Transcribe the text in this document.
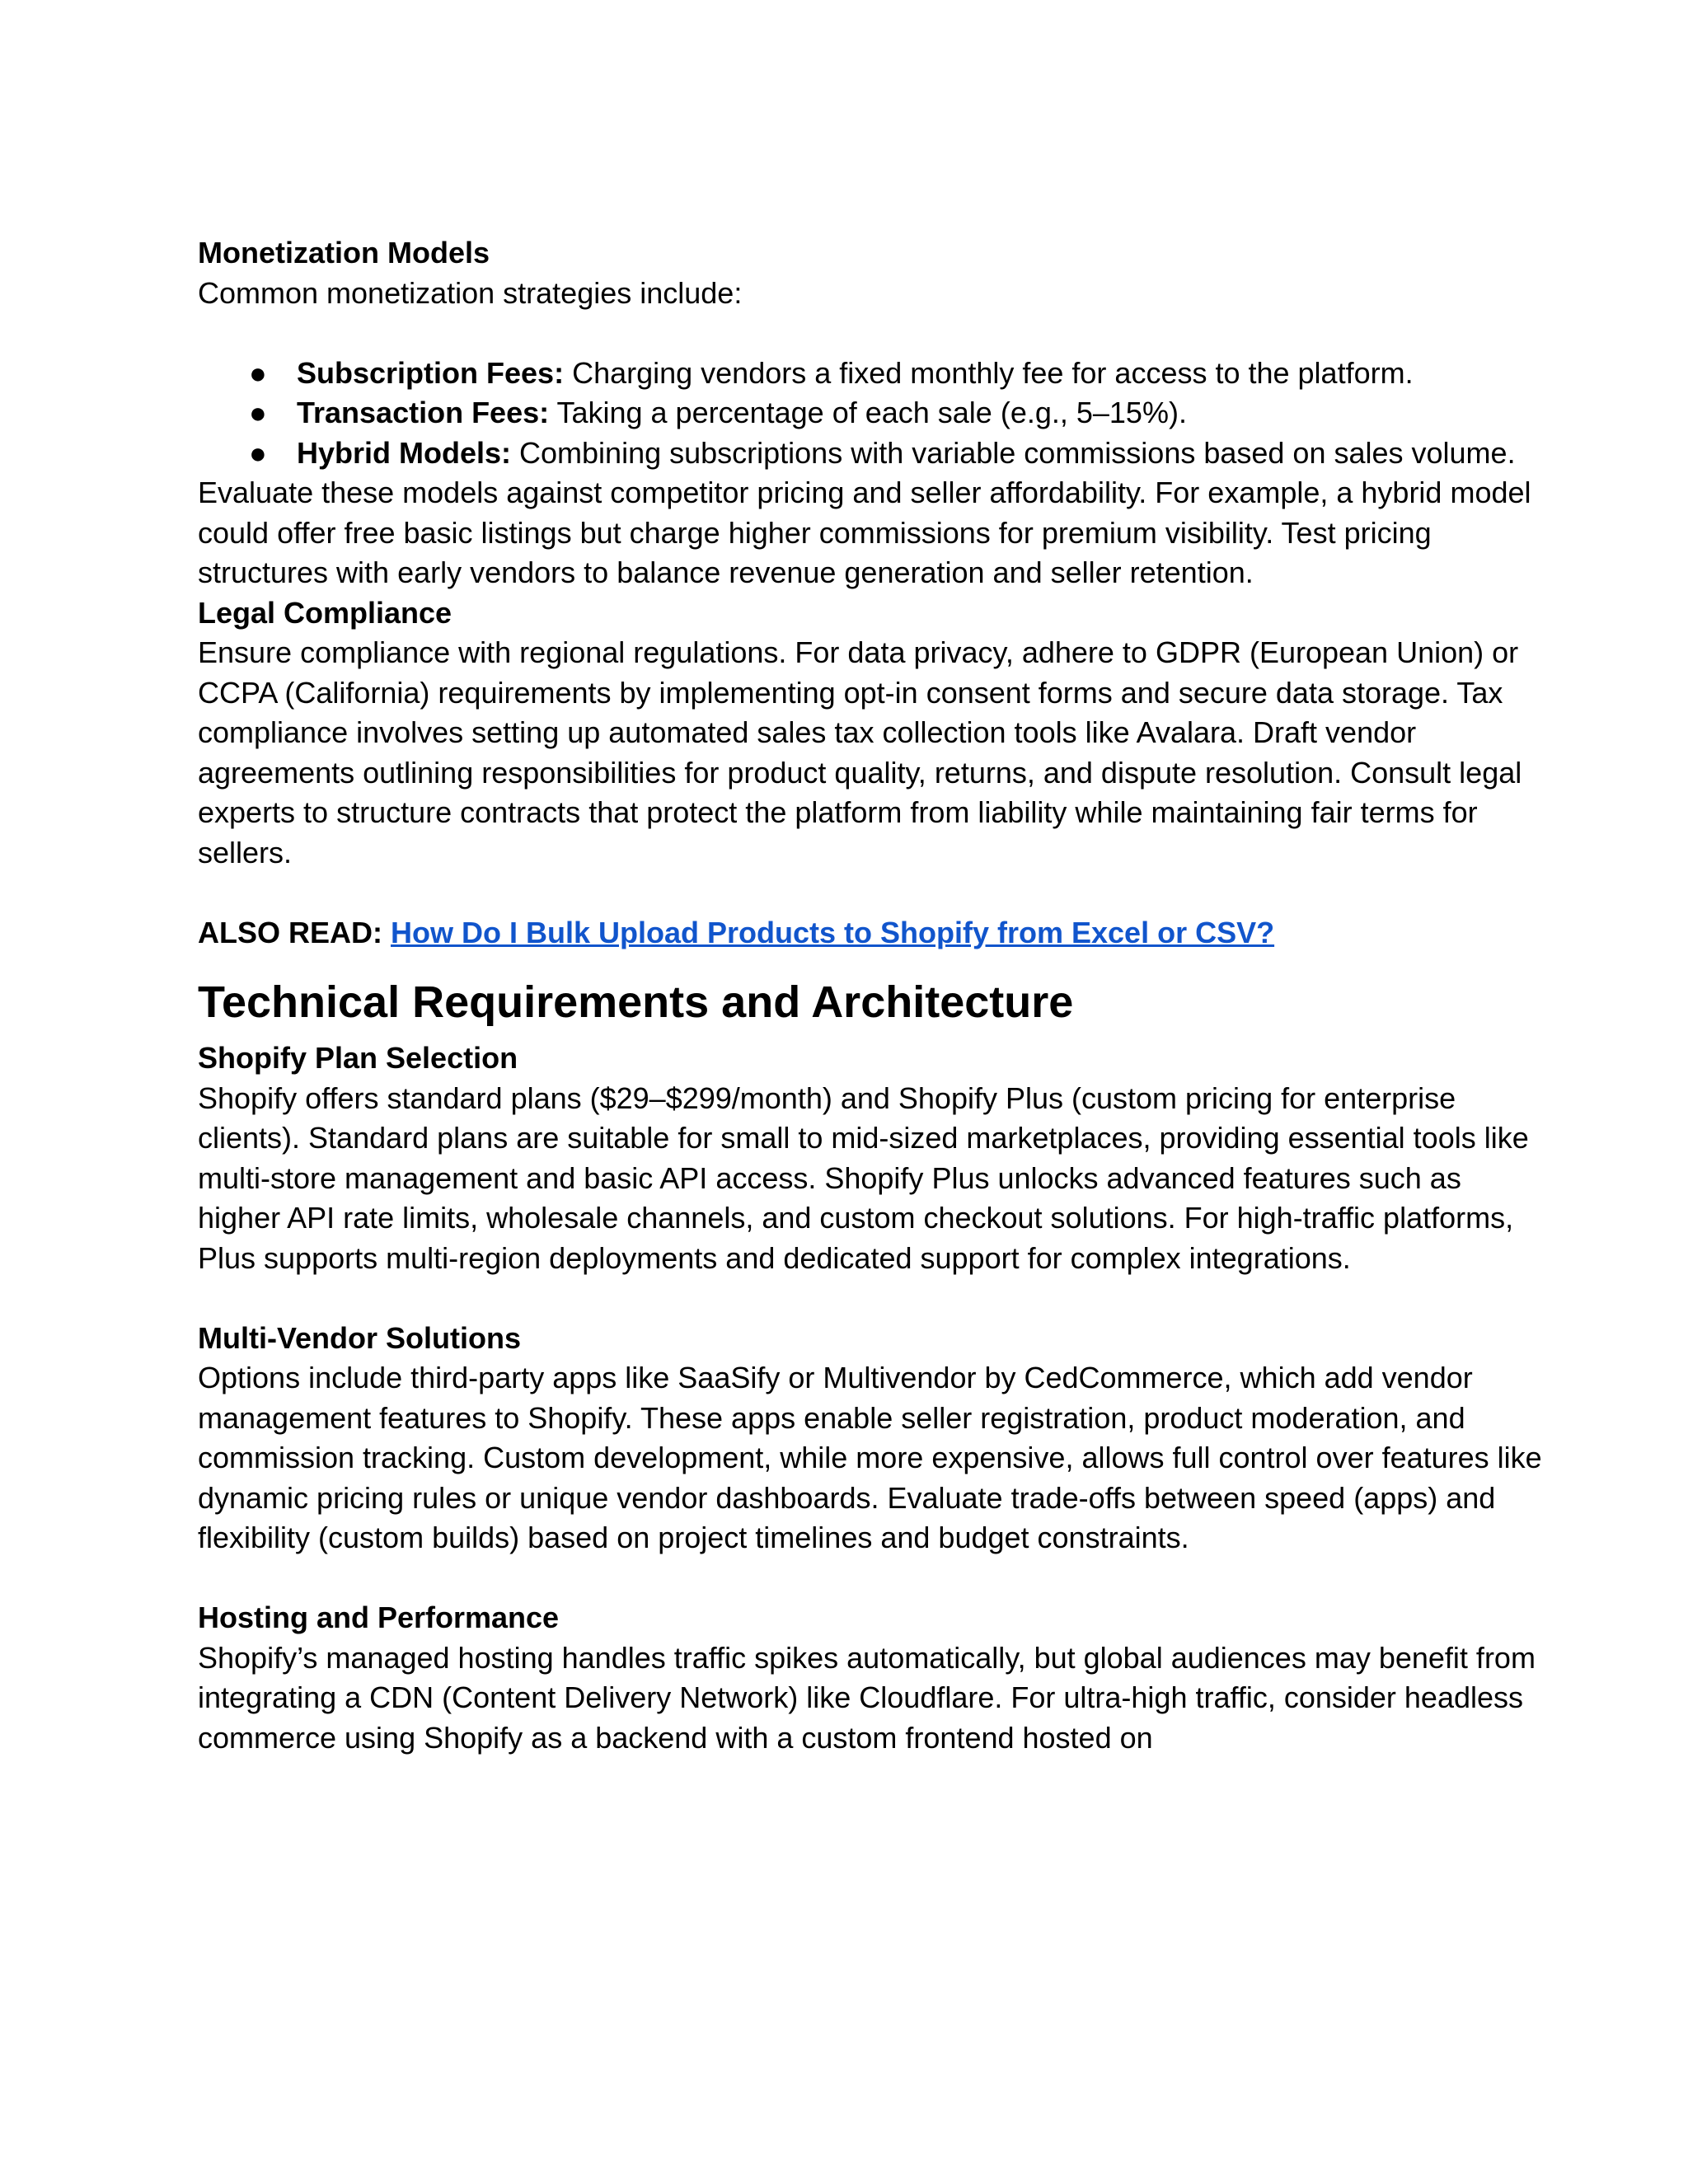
Monetization Models

Common monetization strategies include:

● Subscription Fees: Charging vendors a fixed monthly fee for access to the platform.
● Transaction Fees: Taking a percentage of each sale (e.g., 5–15%).
● Hybrid Models: Combining subscriptions with variable commissions based on sales volume.

Evaluate these models against competitor pricing and seller affordability. For example, a hybrid model could offer free basic listings but charge higher commissions for premium visibility. Test pricing structures with early vendors to balance revenue generation and seller retention.

Legal Compliance

Ensure compliance with regional regulations. For data privacy, adhere to GDPR (European Union) or CCPA (California) requirements by implementing opt-in consent forms and secure data storage. Tax compliance involves setting up automated sales tax collection tools like Avalara. Draft vendor agreements outlining responsibilities for product quality, returns, and dispute resolution. Consult legal experts to structure contracts that protect the platform from liability while maintaining fair terms for sellers.

ALSO READ: How Do I Bulk Upload Products to Shopify from Excel or CSV?

Technical Requirements and Architecture

Shopify Plan Selection

Shopify offers standard plans ($29–$299/month) and Shopify Plus (custom pricing for enterprise clients). Standard plans are suitable for small to mid-sized marketplaces, providing essential tools like multi-store management and basic API access. Shopify Plus unlocks advanced features such as higher API rate limits, wholesale channels, and custom checkout solutions. For high-traffic platforms, Plus supports multi-region deployments and dedicated support for complex integrations.

Multi-Vendor Solutions

Options include third-party apps like SaaSify or Multivendor by CedCommerce, which add vendor management features to Shopify. These apps enable seller registration, product moderation, and commission tracking. Custom development, while more expensive, allows full control over features like dynamic pricing rules or unique vendor dashboards. Evaluate trade-offs between speed (apps) and flexibility (custom builds) based on project timelines and budget constraints.

Hosting and Performance

Shopify’s managed hosting handles traffic spikes automatically, but global audiences may benefit from integrating a CDN (Content Delivery Network) like Cloudflare. For ultra-high traffic, consider headless commerce using Shopify as a backend with a custom frontend hosted on
